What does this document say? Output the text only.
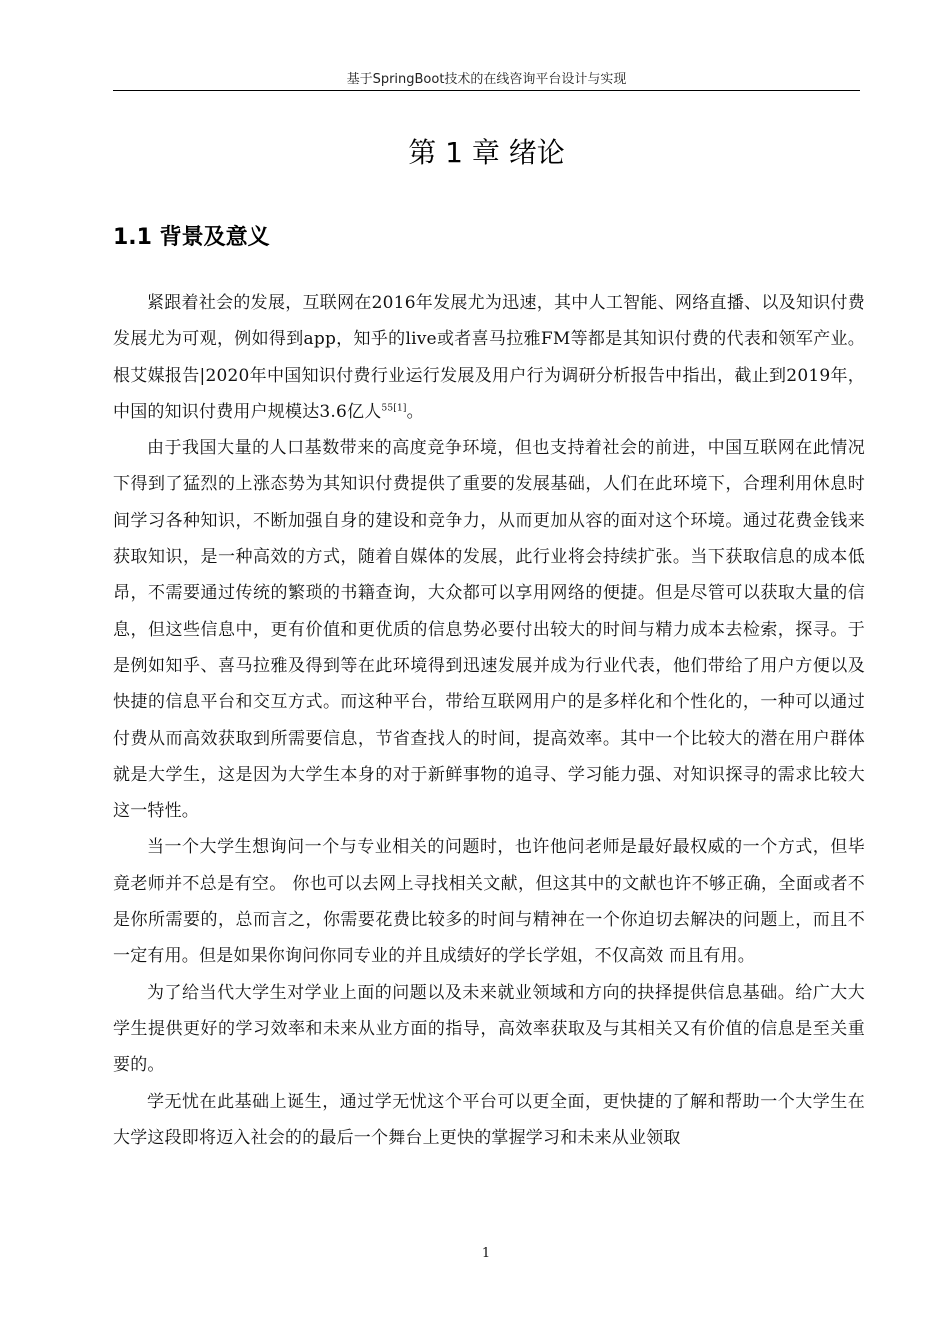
基于SpringBoot技术的在线咨询平台设计与实现
第 1 章 绪论
1.1 背景及意义

紧跟着社会的发展，互联网在2016年发展尤为迅速，其中人工智能、网络直播、以及知识付费发展尤为可观，例如得到app，知乎的live或者喜马拉雅FM等都是其知识付费的代表和领军产业。根艾媒报告|2020年中国知识付费行业运行发展及用户行为调研分析报告中指出，截止到2019年，中国的知识付费用户规模达3.6亿人$^{55[1]}$。

由于我国大量的人口基数带来的高度竞争环境，但也支持着社会的前进，中国互联网在此情况下得到了猛烈的上涨态势为其知识付费提供了重要的发展基础，人们在此环境下，合理利用休息时间学习各种知识，不断加强自身的建设和竞争力，从而更加从容的面对这个环境。通过花费金钱来获取知识，是一种高效的方式，随着自媒体的发展，此行业将会持续扩张。当下获取信息的成本低昂，不需要通过传统的繁琐的书籍查询，大众都可以享用网络的便捷。但是尽管可以获取大量的信息，但这些信息中，更有价值和更优质的信息势必要付出较大的时间与精力成本去检索，探寻。于是例如知乎、喜马拉雅及得到等在此环境得到迅速发展并成为行业代表，他们带给了用户方便以及快捷的信息平台和交互方式。而这种平台，带给互联网用户的是多样化和个性化的，一种可以通过付费从而高效获取到所需要信息，节省查找人的时间，提高效率。其中一个比较大的潜在用户群体就是大学生，这是因为大学生本身的对于新鲜事物的追寻、学习能力强、对知识探寻的需求比较大这一特性。

当一个大学生想询问一个与专业相关的问题时，也许他问老师是最好最权威的一个方式，但毕竟老师并不总是有空。 你也可以去网上寻找相关文献，但这其中的文献也许不够正确，全面或者不是你所需要的，总而言之，你需要花费比较多的时间与精神在一个你迫切去解决的问题上，而且不一定有用。但是如果你询问你同专业的并且成绩好的学长学姐，不仅高效 而且有用。

为了给当代大学生对学业上面的问题以及未来就业领域和方向的抉择提供信息基础。给广大大学生提供更好的学习效率和未来从业方面的指导，高效率获取及与其相关又有价值的信息是至关重要的。

学无忧在此基础上诞生，通过学无忧这个平台可以更全面，更快捷的了解和帮助一个大学生在大学这段即将迈入社会的的最后一个舞台上更快的掌握学习和未来从业领取

1
